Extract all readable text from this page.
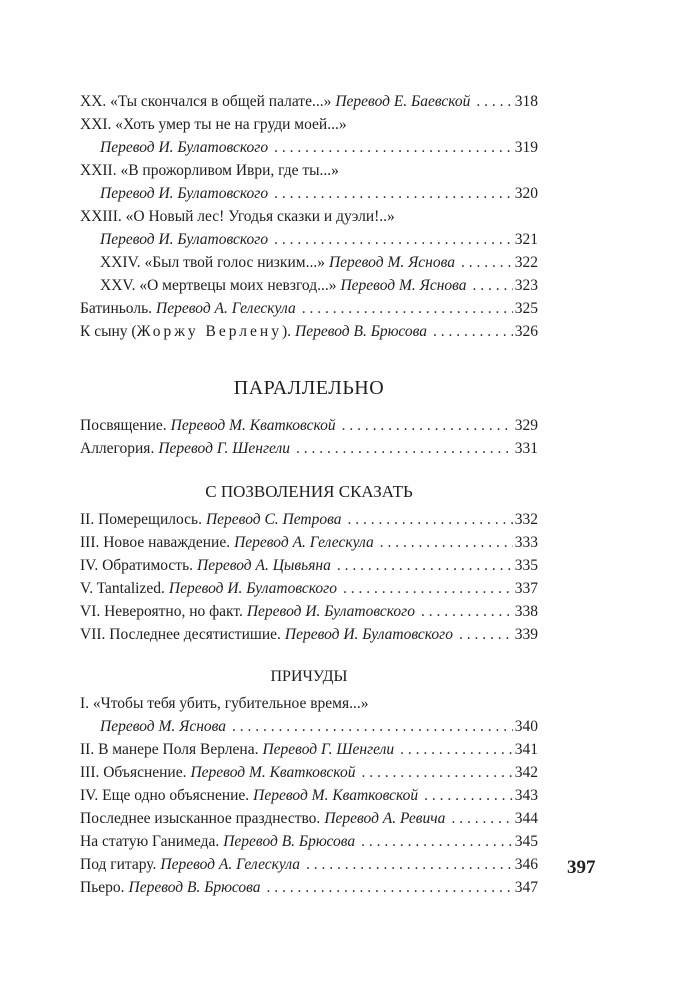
XX. «Ты скончался в общей палате...» Перевод Е. Баевской . . .	318
XXI. «Хоть умер ты не на груди моей...»
Перевод И. Булатовского . . .	319
XXII. «В прожорливом Иври, где ты...»
Перевод И. Булатовского . . .	320
XXIII. «О Новый лес! Угодья сказки и дуэли!..»
Перевод И. Булатовского . . .	321
XXIV. «Был твой голос низким...» Перевод М. Яснова . . .	322
XXV. «О мертвецы моих невзгод...» Перевод М. Яснова . . .	323
Батиньоль. Перевод А. Гелескула . . .	325
К сыну (Жоржу Верлену). Перевод В. Брюсова . . .	326
ПАРАЛЛЕЛЬНО
Посвящение. Перевод М. Кватковской . . .	329
Аллегория. Перевод Г. Шенгели . . .	331
С ПОЗВОЛЕНИЯ СКАЗАТЬ
II. Померещилось. Перевод С. Петрова . . .	332
III. Новое наваждение. Перевод А. Гелескула . . .	333
IV. Обратимость. Перевод А. Цывьяна . . .	335
V. Tantalized. Перевод И. Булатовского . . .	337
VI. Невероятно, но факт. Перевод И. Булатовского . . .	338
VII. Последнее десятистишие. Перевод И. Булатовского . . .	339
ПРИЧУДЫ
I. «Чтобы тебя убить, губительное время...»
Перевод М. Яснова . . .	340
II. В манере Поля Верлена. Перевод Г. Шенгели . . .	341
III. Объяснение. Перевод М. Кватковской . . .	342
IV. Еще одно объяснение. Перевод М. Кватковской . . .	343
Последнее изысканное празднество. Перевод А. Ревича . . .	344
На статую Ганимеда. Перевод В. Брюсова . . .	345
Под гитару. Перевод А. Гелескула . . .	346
Пьеро. Перевод В. Брюсова . . .	347
397
